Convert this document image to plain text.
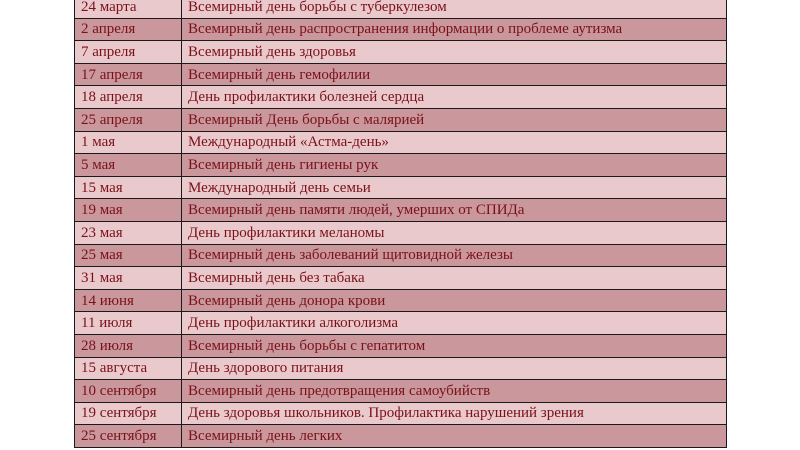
24 марта	Всемирный день борьбы с туберкулезом
2 апреля	Всемирный день распространения информации о проблеме аутизма
7 апреля	Всемирный день здоровья
17 апреля	Всемирный день гемофилии
18 апреля	День профилактики болезней сердца
25 апреля	Всемирный День борьбы с малярией
1 мая	Международный «Астма-день»
5 мая	Всемирный день гигиены рук
15 мая	Международный день семьи
19 мая	Всемирный день памяти людей, умерших от СПИДа
23 мая	День профилактики меланомы
25 мая	Всемирный день заболеваний щитовидной железы
31 мая	Всемирный день без табака
14 июня	Всемирный день донора крови
11 июля	День профилактики алкоголизма
28 июля	Всемирный день борьбы с гепатитом
15 августа	День здорового питания
10 сентября	Всемирный день предотвращения самоубийств
19 сентября	День здоровья школьников. Профилактика нарушений зрения
25 сентября	Всемирный день легких
